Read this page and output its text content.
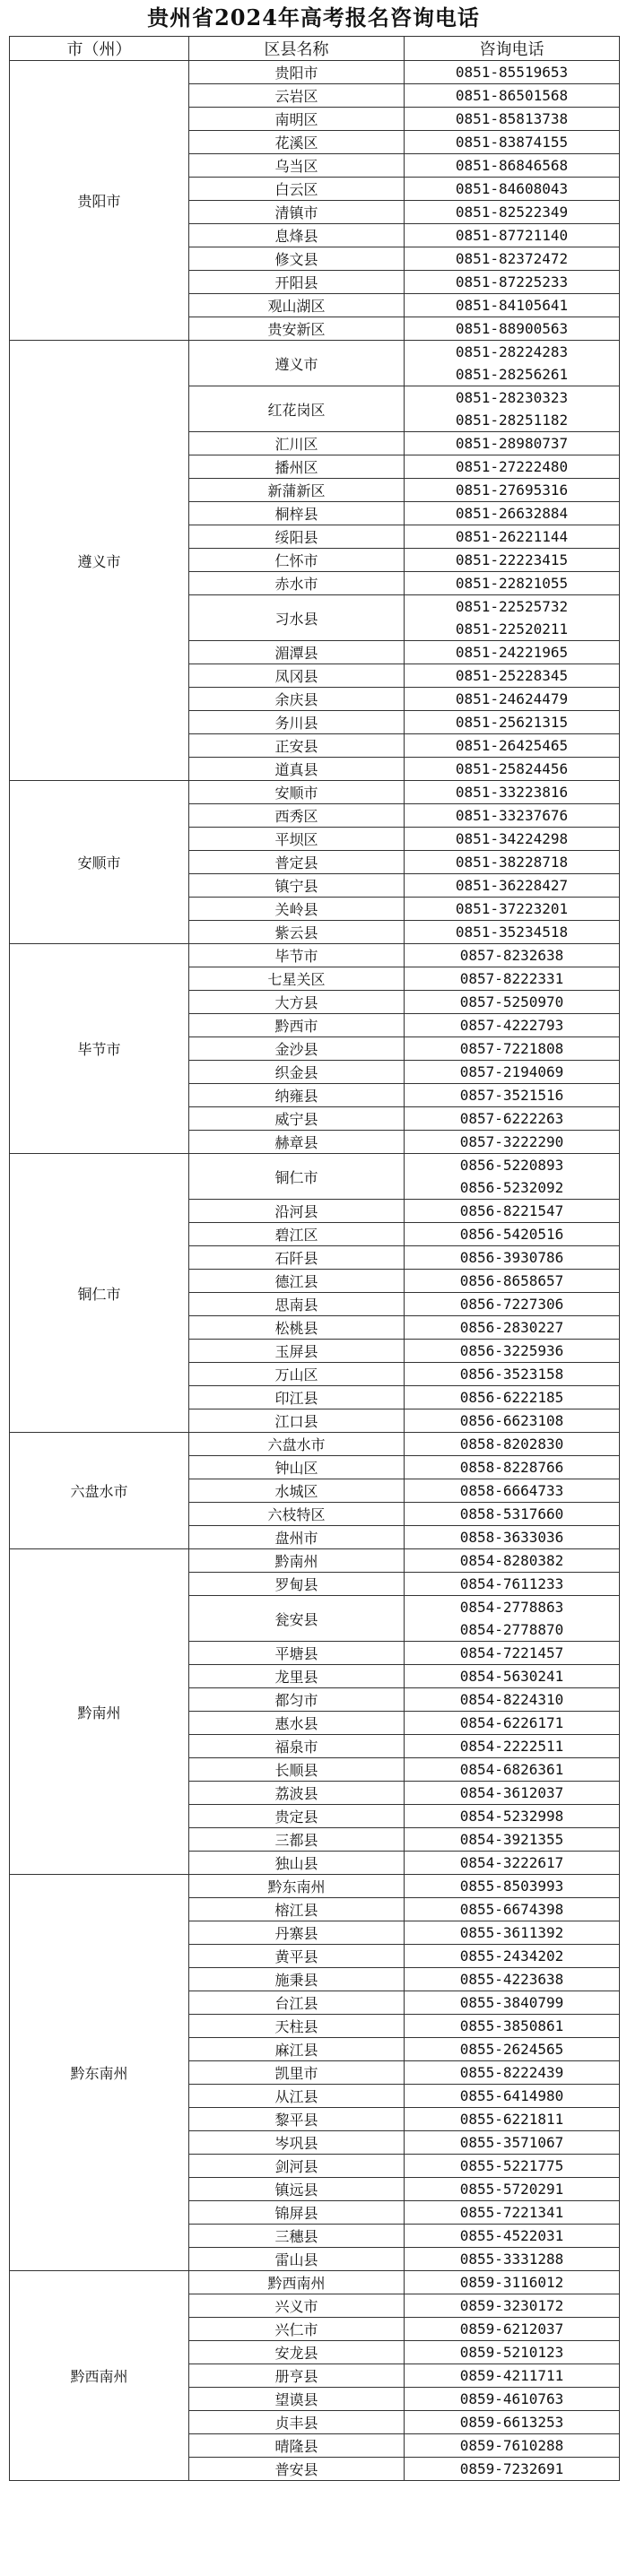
贵州省2024年高考报名咨询电话
市（州）	区县名称	咨询电话
贵阳市	贵阳市	0851-85519653

	云岩区	0851-86501568

	南明区	0851-85813738

	花溪区	0851-83874155

	乌当区	0851-86846568

	白云区	0851-84608043

	清镇市	0851-82522349

	息烽县	0851-87721140

	修文县	0851-82372472

	开阳县	0851-87225233

	观山湖区	0851-84105641

	贵安新区	0851-88900563

遵义市	遵义市	0851-28224283
0851-28256261

	红花岗区	0851-28230323
0851-28251182

	汇川区	0851-28980737

	播州区	0851-27222480

	新蒲新区	0851-27695316

	桐梓县	0851-26632884

	绥阳县	0851-26221144

	仁怀市	0851-22223415

	赤水市	0851-22821055

	习水县	0851-22525732
0851-22520211

	湄潭县	0851-24221965

	凤冈县	0851-25228345

	余庆县	0851-24624479

	务川县	0851-25621315

	正安县	0851-26425465

	道真县	0851-25824456

安顺市	安顺市	0851-33223816

	西秀区	0851-33237676

	平坝区	0851-34224298

	普定县	0851-38228718

	镇宁县	0851-36228427

	关岭县	0851-37223201

	紫云县	0851-35234518

毕节市	毕节市	0857-8232638

	七星关区	0857-8222331

	大方县	0857-5250970

	黔西市	0857-4222793

	金沙县	0857-7221808

	织金县	0857-2194069

	纳雍县	0857-3521516

	威宁县	0857-6222263

	赫章县	0857-3222290

铜仁市	铜仁市	0856-5220893
0856-5232092

	沿河县	0856-8221547

	碧江区	0856-5420516

	石阡县	0856-3930786

	德江县	0856-8658657

	思南县	0856-7227306

	松桃县	0856-2830227

	玉屏县	0856-3225936

	万山区	0856-3523158

	印江县	0856-6222185

	江口县	0856-6623108

六盘水市	六盘水市	0858-8202830

	钟山区	0858-8228766

	水城区	0858-6664733

	六枝特区	0858-5317660

	盘州市	0858-3633036

黔南州	黔南州	0854-8280382

	罗甸县	0854-7611233

	瓮安县	0854-2778863
0854-2778870

	平塘县	0854-7221457

	龙里县	0854-5630241

	都匀市	0854-8224310

	惠水县	0854-6226171

	福泉市	0854-2222511

	长顺县	0854-6826361

	荔波县	0854-3612037

	贵定县	0854-5232998

	三都县	0854-3921355

	独山县	0854-3222617

黔东南州	黔东南州	0855-8503993

	榕江县	0855-6674398

	丹寨县	0855-3611392

	黄平县	0855-2434202

	施秉县	0855-4223638

	台江县	0855-3840799

	天柱县	0855-3850861

	麻江县	0855-2624565

	凯里市	0855-8222439

	从江县	0855-6414980

	黎平县	0855-6221811

	岑巩县	0855-3571067

	剑河县	0855-5221775

	镇远县	0855-5720291

	锦屏县	0855-7221341

	三穗县	0855-4522031

	雷山县	0855-3331288

黔西南州	黔西南州	0859-3116012

	兴义市	0859-3230172

	兴仁市	0859-6212037

	安龙县	0859-5210123

	册亨县	0859-4211711

	望谟县	0859-4610763

	贞丰县	0859-6613253

	晴隆县	0859-7610288

	普安县	0859-7232691
